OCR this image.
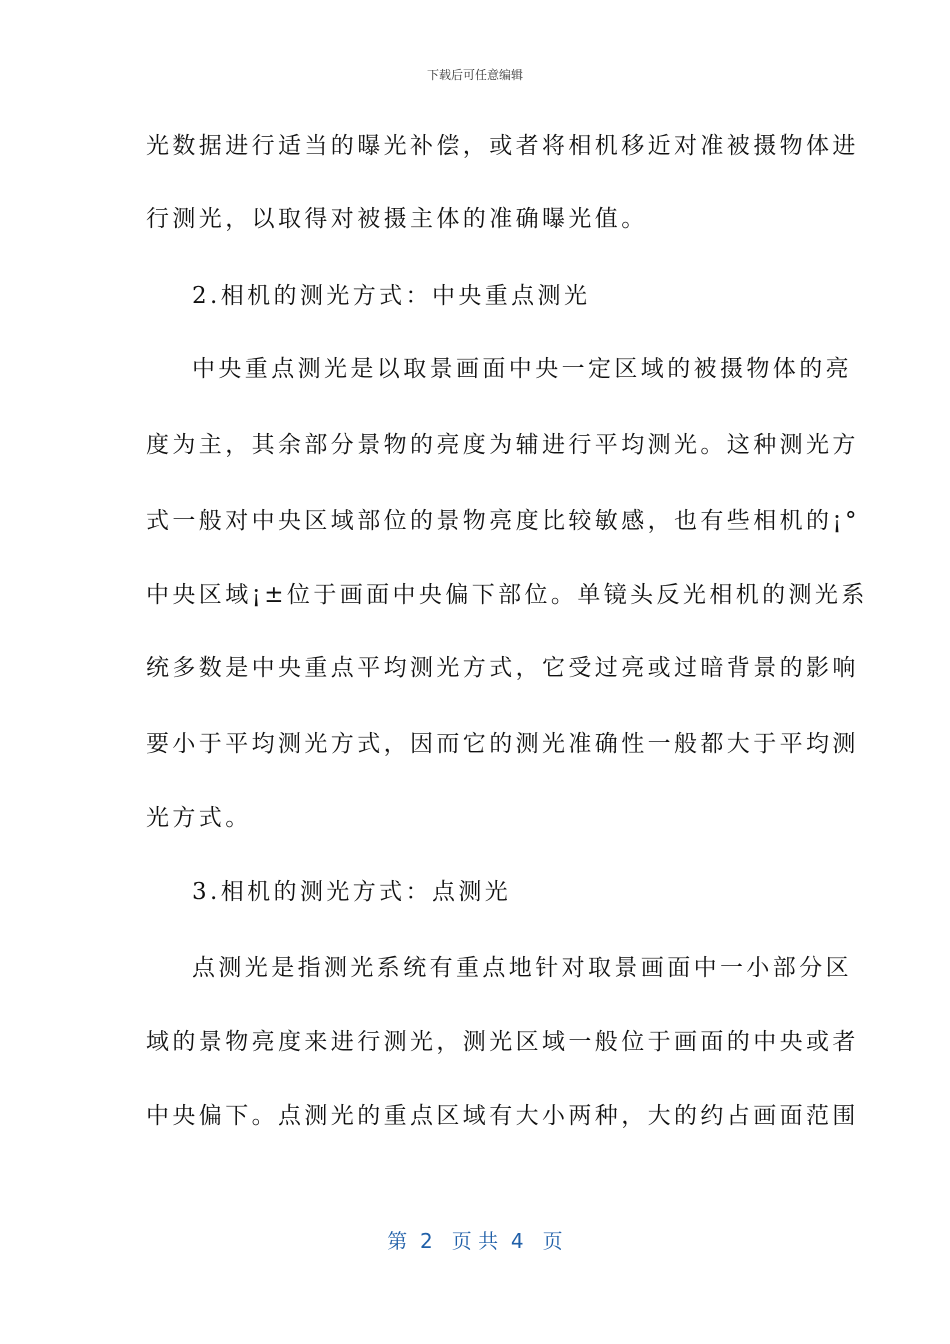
下载后可任意编辑
光数据进行适当的曝光补偿，或者将相机移近对准被摄物体进
行测光，以取得对被摄主体的准确曝光值。
2.相机的测光方式：中央重点测光
中央重点测光是以取景画面中央一定区域的被摄物体的亮
度为主，其余部分景物的亮度为辅进行平均测光。这种测光方
式一般对中央区域部位的景物亮度比较敏感，也有些相机的¡°
中央区域¡±位于画面中央偏下部位。单镜头反光相机的测光系
统多数是中央重点平均测光方式，它受过亮或过暗背景的影响
要小于平均测光方式，因而它的测光准确性一般都大于平均测
光方式。
3.相机的测光方式：点测光
点测光是指测光系统有重点地针对取景画面中一小部分区
域的景物亮度来进行测光，测光区域一般位于画面的中央或者
中央偏下。点测光的重点区域有大小两种，大的约占画面范围
第  2   页 共  4   页
